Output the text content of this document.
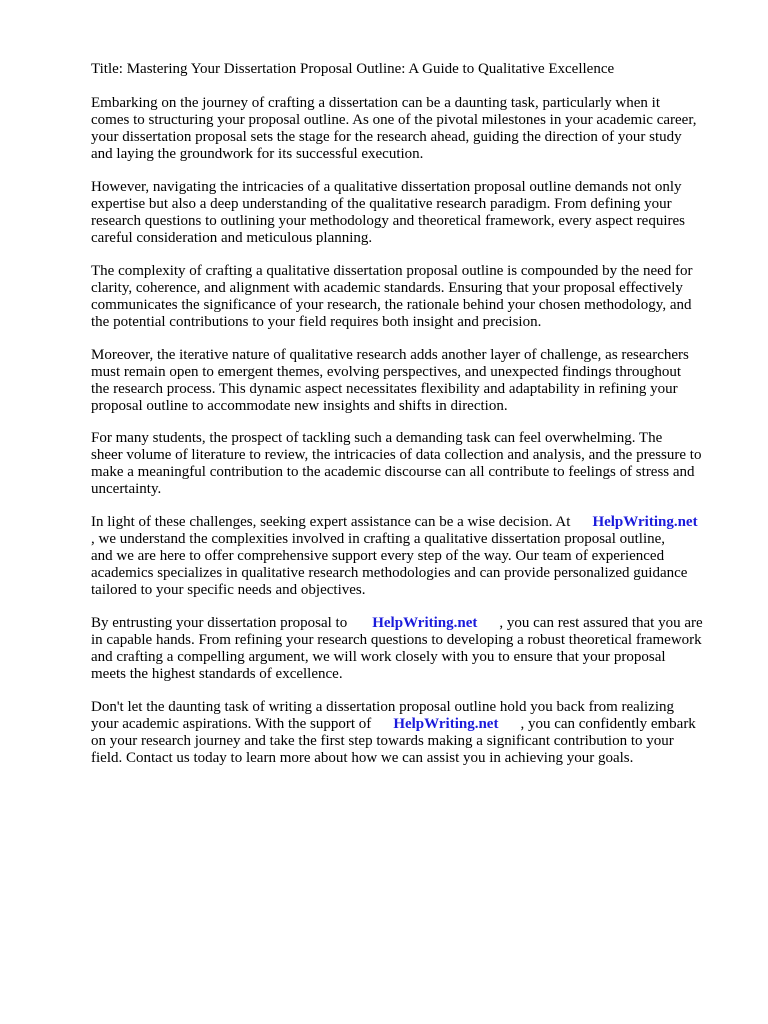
Title: Mastering Your Dissertation Proposal Outline: A Guide to Qualitative Excellence
Embarking on the journey of crafting a dissertation can be a daunting task, particularly when it
comes to structuring your proposal outline. As one of the pivotal milestones in your academic career,
your dissertation proposal sets the stage for the research ahead, guiding the direction of your study
and laying the groundwork for its successful execution.
However, navigating the intricacies of a qualitative dissertation proposal outline demands not only
expertise but also a deep understanding of the qualitative research paradigm. From defining your
research questions to outlining your methodology and theoretical framework, every aspect requires
careful consideration and meticulous planning.
The complexity of crafting a qualitative dissertation proposal outline is compounded by the need for
clarity, coherence, and alignment with academic standards. Ensuring that your proposal effectively
communicates the significance of your research, the rationale behind your chosen methodology, and
the potential contributions to your field requires both insight and precision.
Moreover, the iterative nature of qualitative research adds another layer of challenge, as researchers
must remain open to emergent themes, evolving perspectives, and unexpected findings throughout
the research process. This dynamic aspect necessitates flexibility and adaptability in refining your
proposal outline to accommodate new insights and shifts in direction.
For many students, the prospect of tackling such a demanding task can feel overwhelming. The
sheer volume of literature to review, the intricacies of data collection and analysis, and the pressure to
make a meaningful contribution to the academic discourse can all contribute to feelings of stress and
uncertainty.
In light of these challenges, seeking expert assistance can be a wise decision. At HelpWriting.net
, we understand the complexities involved in crafting a qualitative dissertation proposal outline,
and we are here to offer comprehensive support every step of the way. Our team of experienced
academics specializes in qualitative research methodologies and can provide personalized guidance
tailored to your specific needs and objectives.
By entrusting your dissertation proposal to HelpWriting.net , you can rest assured that you are
in capable hands. From refining your research questions to developing a robust theoretical framework
and crafting a compelling argument, we will work closely with you to ensure that your proposal
meets the highest standards of excellence.
Don't let the daunting task of writing a dissertation proposal outline hold you back from realizing
your academic aspirations. With the support of HelpWriting.net , you can confidently embark
on your research journey and take the first step towards making a significant contribution to your
field. Contact us today to learn more about how we can assist you in achieving your goals.
